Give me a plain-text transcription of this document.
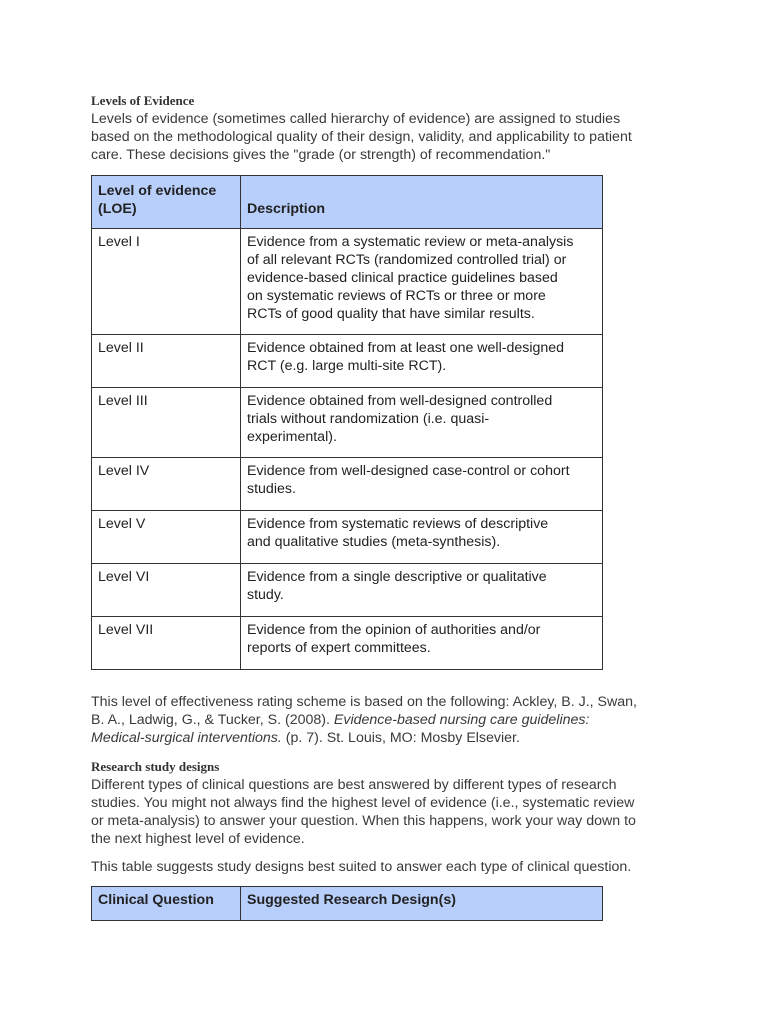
Levels of Evidence
Levels of evidence (sometimes called hierarchy of evidence) are assigned to studies
based on the methodological quality of their design, validity, and applicability to patient
care. These decisions gives the "grade (or strength) of recommendation."
Level of evidence
(LOE)	Description

Level I	Evidence from a systematic review or meta-analysis
of all relevant RCTs (randomized controlled trial) or
evidence-based clinical practice guidelines based
on systematic reviews of RCTs or three or more
RCTs of good quality that have similar results.

Level II	Evidence obtained from at least one well-designed
RCT (e.g. large multi-site RCT).

Level III	Evidence obtained from well-designed controlled
trials without randomization (i.e. quasi-
experimental).

Level IV	Evidence from well-designed case-control or cohort
studies.

Level V	Evidence from systematic reviews of descriptive
and qualitative studies (meta-synthesis).

Level VI	Evidence from a single descriptive or qualitative
study.

Level VII	Evidence from the opinion of authorities and/or
reports of expert committees.
This level of effectiveness rating scheme is based on the following: Ackley, B. J., Swan,
B. A., Ladwig, G., & Tucker, S. (2008). Evidence-based nursing care guidelines:
Medical-surgical interventions. (p. 7). St. Louis, MO: Mosby Elsevier.
Research study designs
Different types of clinical questions are best answered by different types of research
studies. You might not always find the highest level of evidence (i.e., systematic review
or meta-analysis) to answer your question. When this happens, work your way down to
the next highest level of evidence.
This table suggests study designs best suited to answer each type of clinical question.
Clinical Question	Suggested Research Design(s)
